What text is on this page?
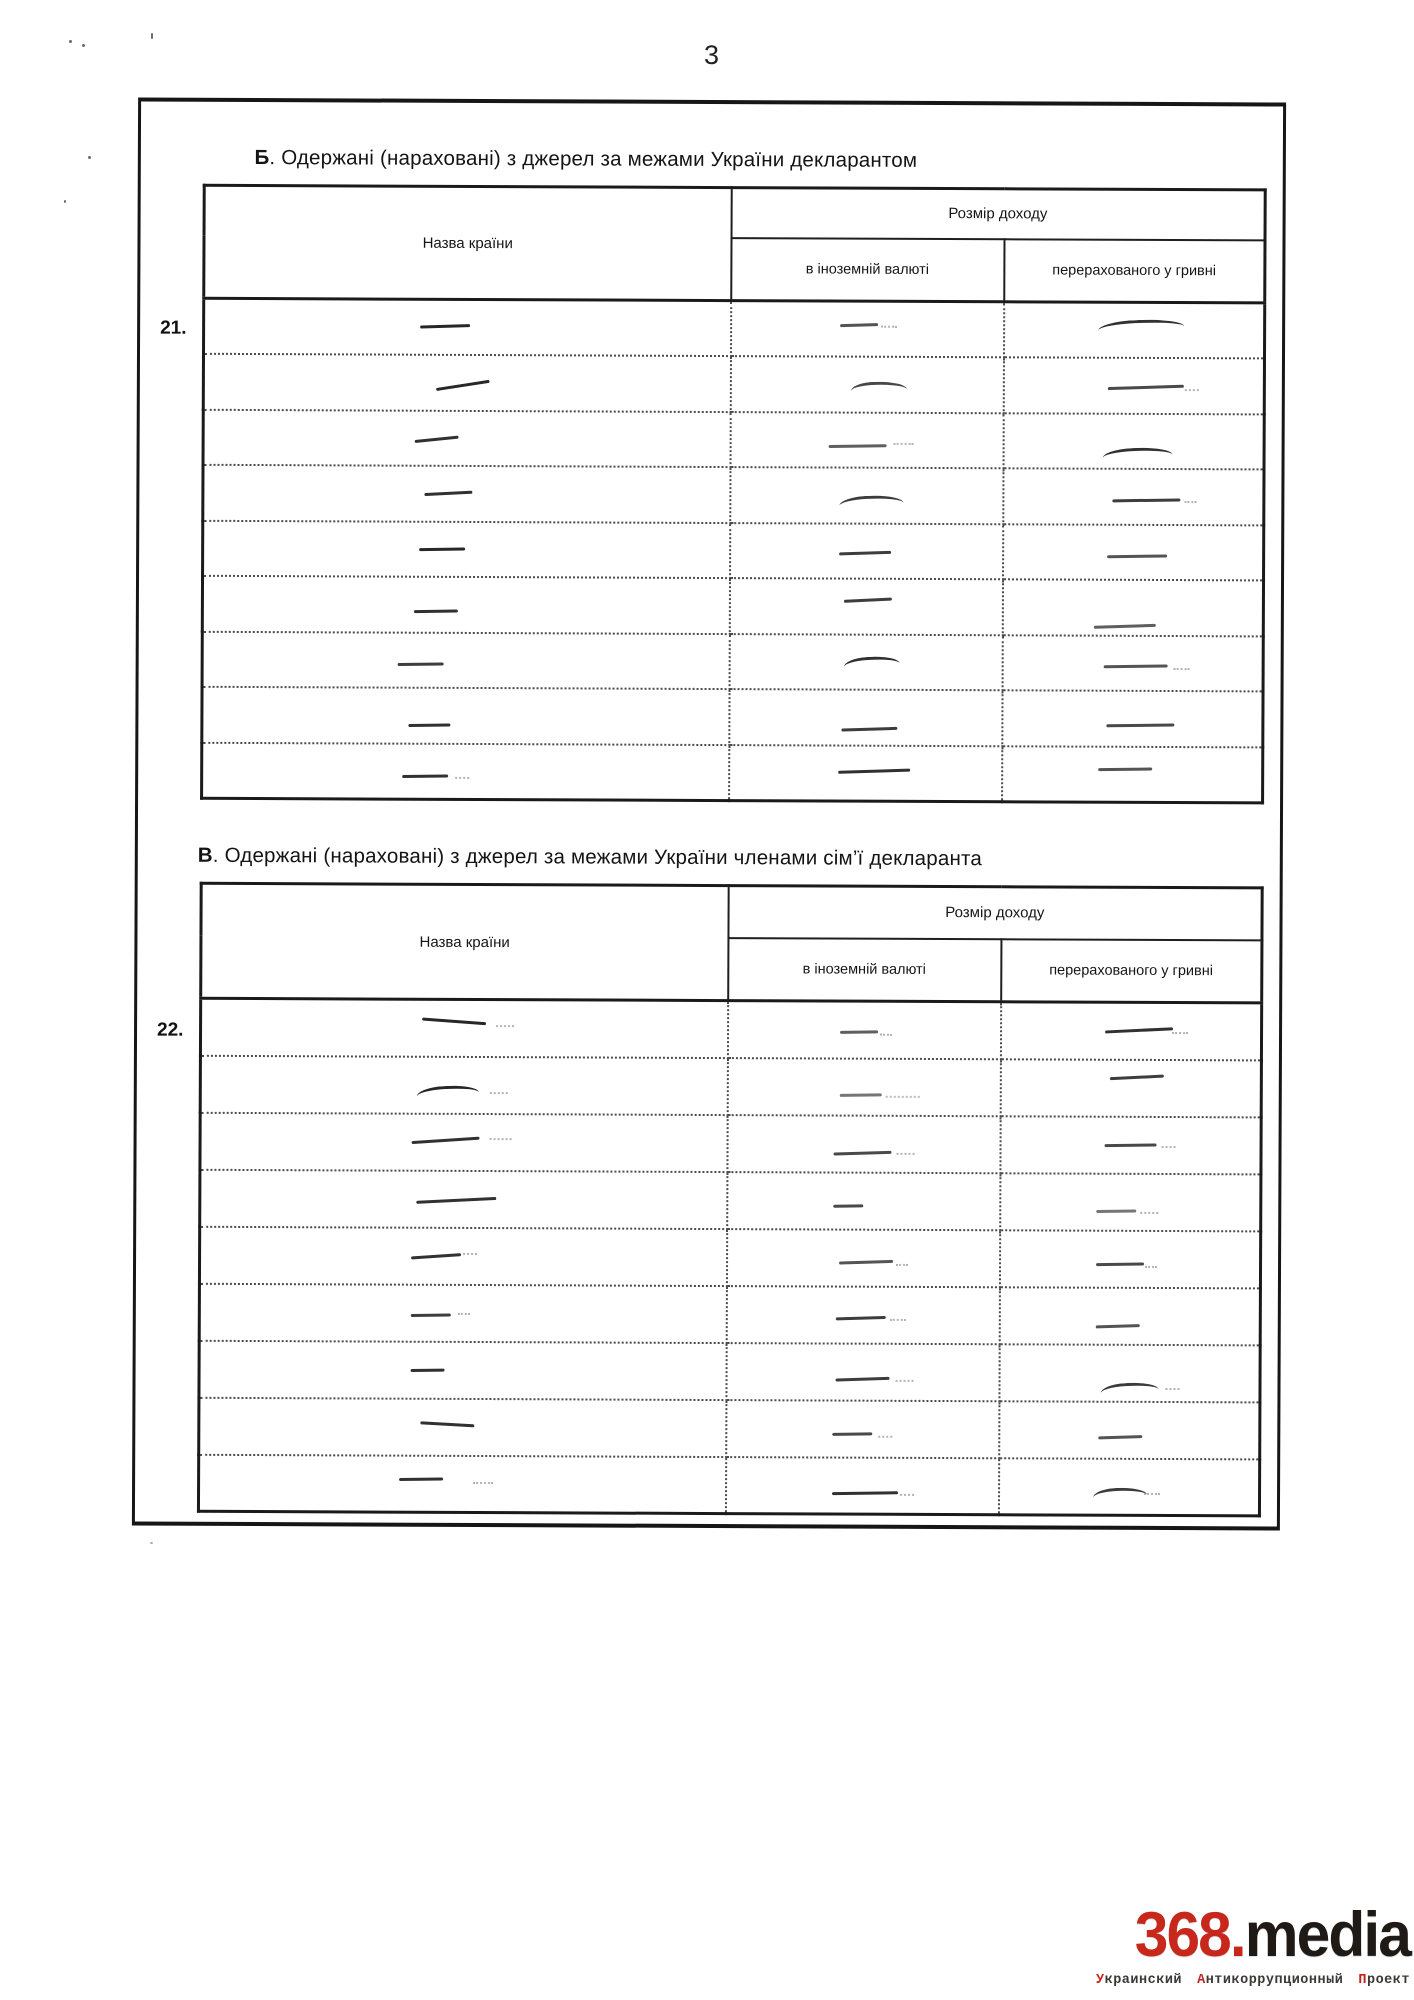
3
Б. Одержані (нараховані) з джерел за межами України декларантом
21.
Назва країни	Розмір доходу	
	в іноземній валюті	перерахованого у гривні

В. Одержані (нараховані) з джерел за межами України членами сім’ї декларанта
22.
Назва країни	Розмір доходу	
	в іноземній валюті	перерахованого у гривні

368.media
Украинский Антикоррупционный Проект
